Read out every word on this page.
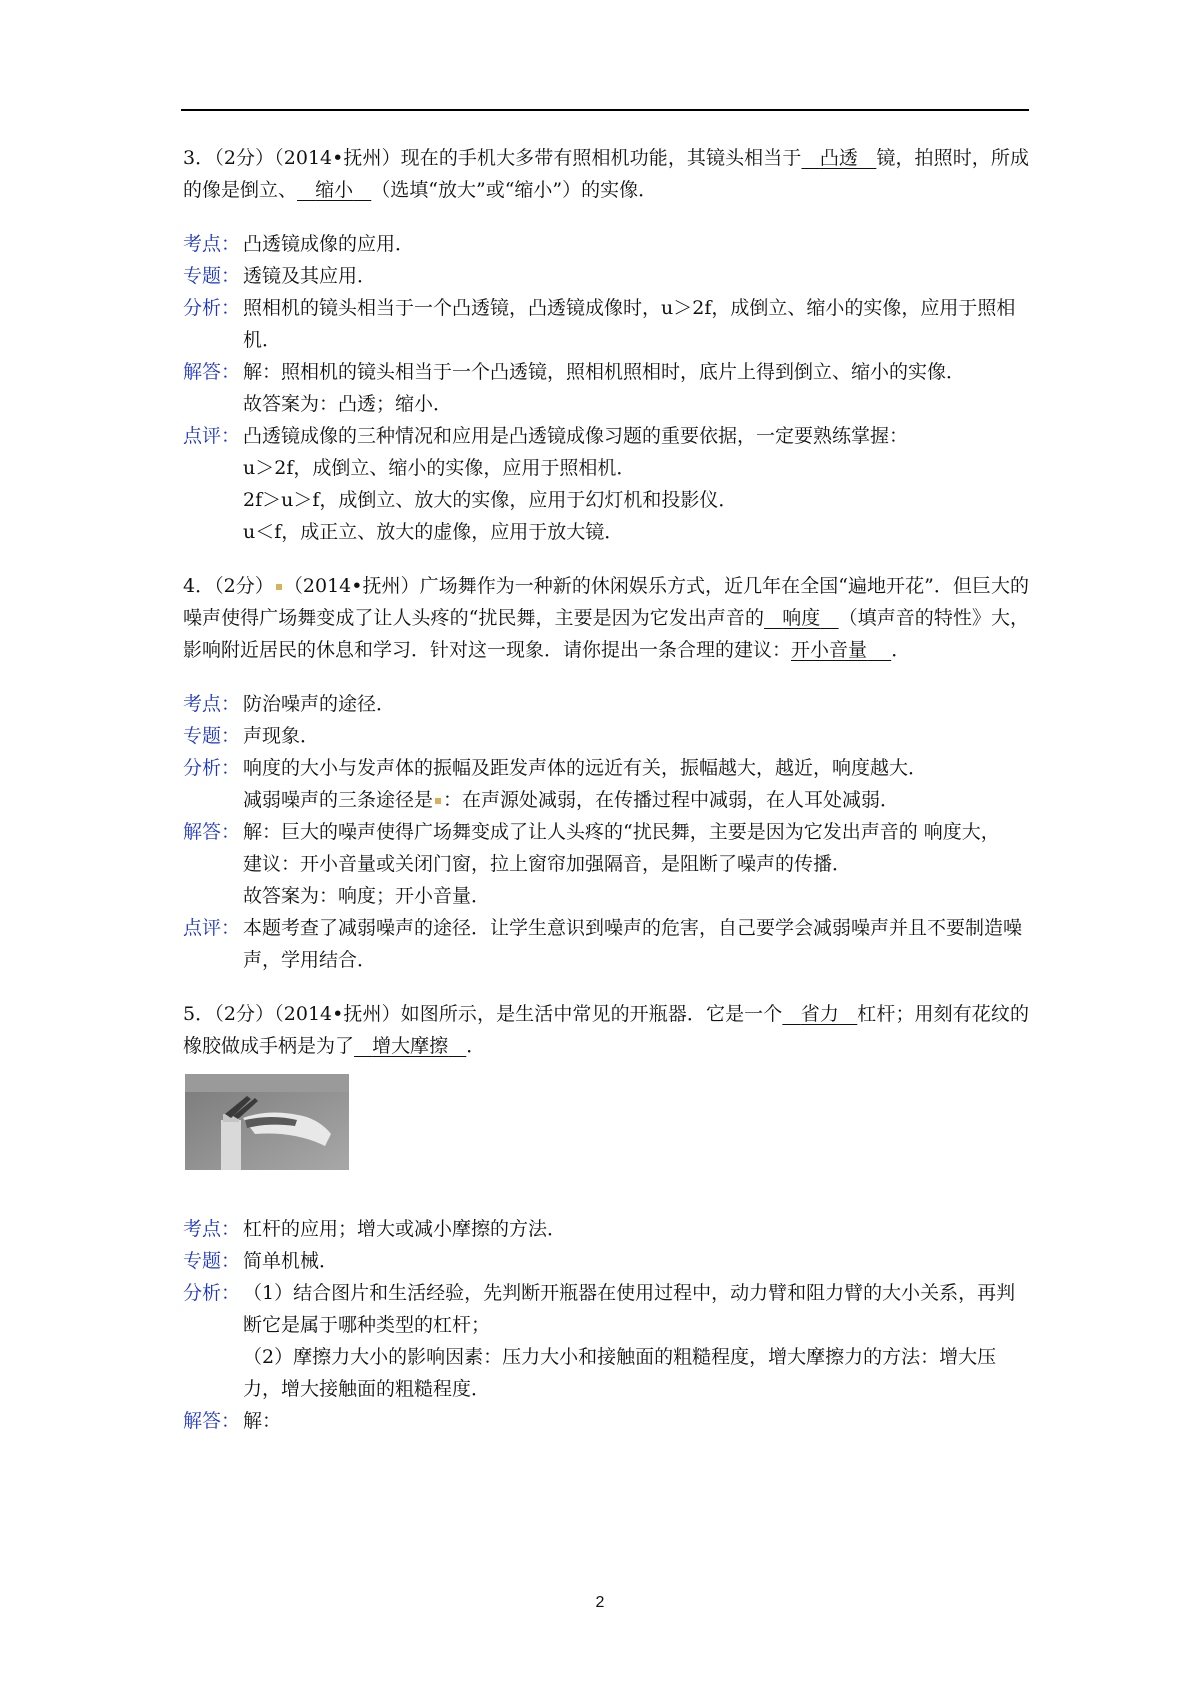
3．（2分）（2014•抚州）现在的手机大多带有照相机功能，其镜头相当于 凸透 镜，拍照时，所成的像是倒立、 缩小 （选填“放大”或“缩小”）的实像．

考点： 凸透镜成像的应用．

专题： 透镜及其应用．

分析： 照相机的镜头相当于一个凸透镜，凸透镜成像时，u＞2f，成倒立、缩小的实像，应用于照相机．

解答： 解：照相机的镜头相当于一个凸透镜，照相机照相时，底片上得到倒立、缩小的实像．

故答案为：凸透；缩小．

点评： 凸透镜成像的三种情况和应用是凸透镜成像习题的重要依据，一定要熟练掌握：

u＞2f，成倒立、缩小的实像，应用于照相机．

2f＞u＞f，成倒立、放大的实像，应用于幻灯机和投影仪．

u＜f，成正立、放大的虚像，应用于放大镜．

4．（2分） （2014•抚州）广场舞作为一种新的休闲娱乐方式，近几年在全国“遍地开花”．但巨大的噪声使得广场舞变成了让人头疼的“扰民舞，主要是因为它发出声音的 响度 （填声音的特性》大，影响附近居民的休息和学习．针对这一现象．请你提出一条合理的建议：开小音量 ．

考点： 防治噪声的途径．

专题： 声现象．

分析： 响度的大小与发声体的振幅及距发声体的远近有关，振幅越大，越近，响度越大．

减弱噪声的三条途径是 ：在声源处减弱，在传播过程中减弱，在人耳处减弱．

解答： 解：巨大的噪声使得广场舞变成了让人头疼的“扰民舞，主要是因为它发出声音的 响度大，

建议：开小音量或关闭门窗，拉上窗帘加强隔音，是阻断了噪声的传播．

故答案为：响度；开小音量．

点评： 本题考查了减弱噪声的途径．让学生意识到噪声的危害，自己要学会减弱噪声并且不要制造噪声，学用结合．

5．（2分）（2014•抚州）如图所示，是生活中常见的开瓶器．它是一个 省力 杠杆；用刻有花纹的橡胶做成手柄是为了 增大摩擦 ．

考点： 杠杆的应用；增大或减小摩擦的方法．

专题： 简单机械．

分析： （1）结合图片和生活经验，先判断开瓶器在使用过程中，动力臂和阻力臂的大小关系，再判断它是属于哪种类型的杠杆；

（2）摩擦力大小的影响因素：压力大小和接触面的粗糙程度，增大摩擦力的方法：增大压力，增大接触面的粗糙程度．

解答： 解：

2
